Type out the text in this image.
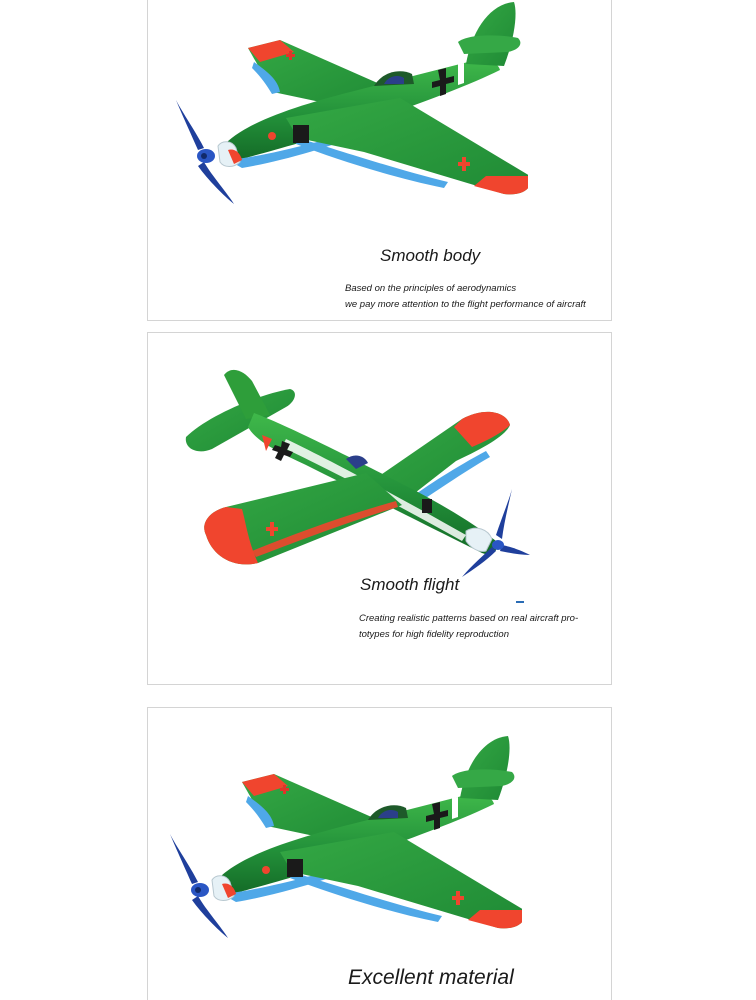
Smooth body
Based on the principles of aerodynamics
we pay more attention to the flight performance of aircraft
Smooth flight
Creating realistic patterns based on real aircraft pro-totypes for high fidelity reproduction
Excellent material
